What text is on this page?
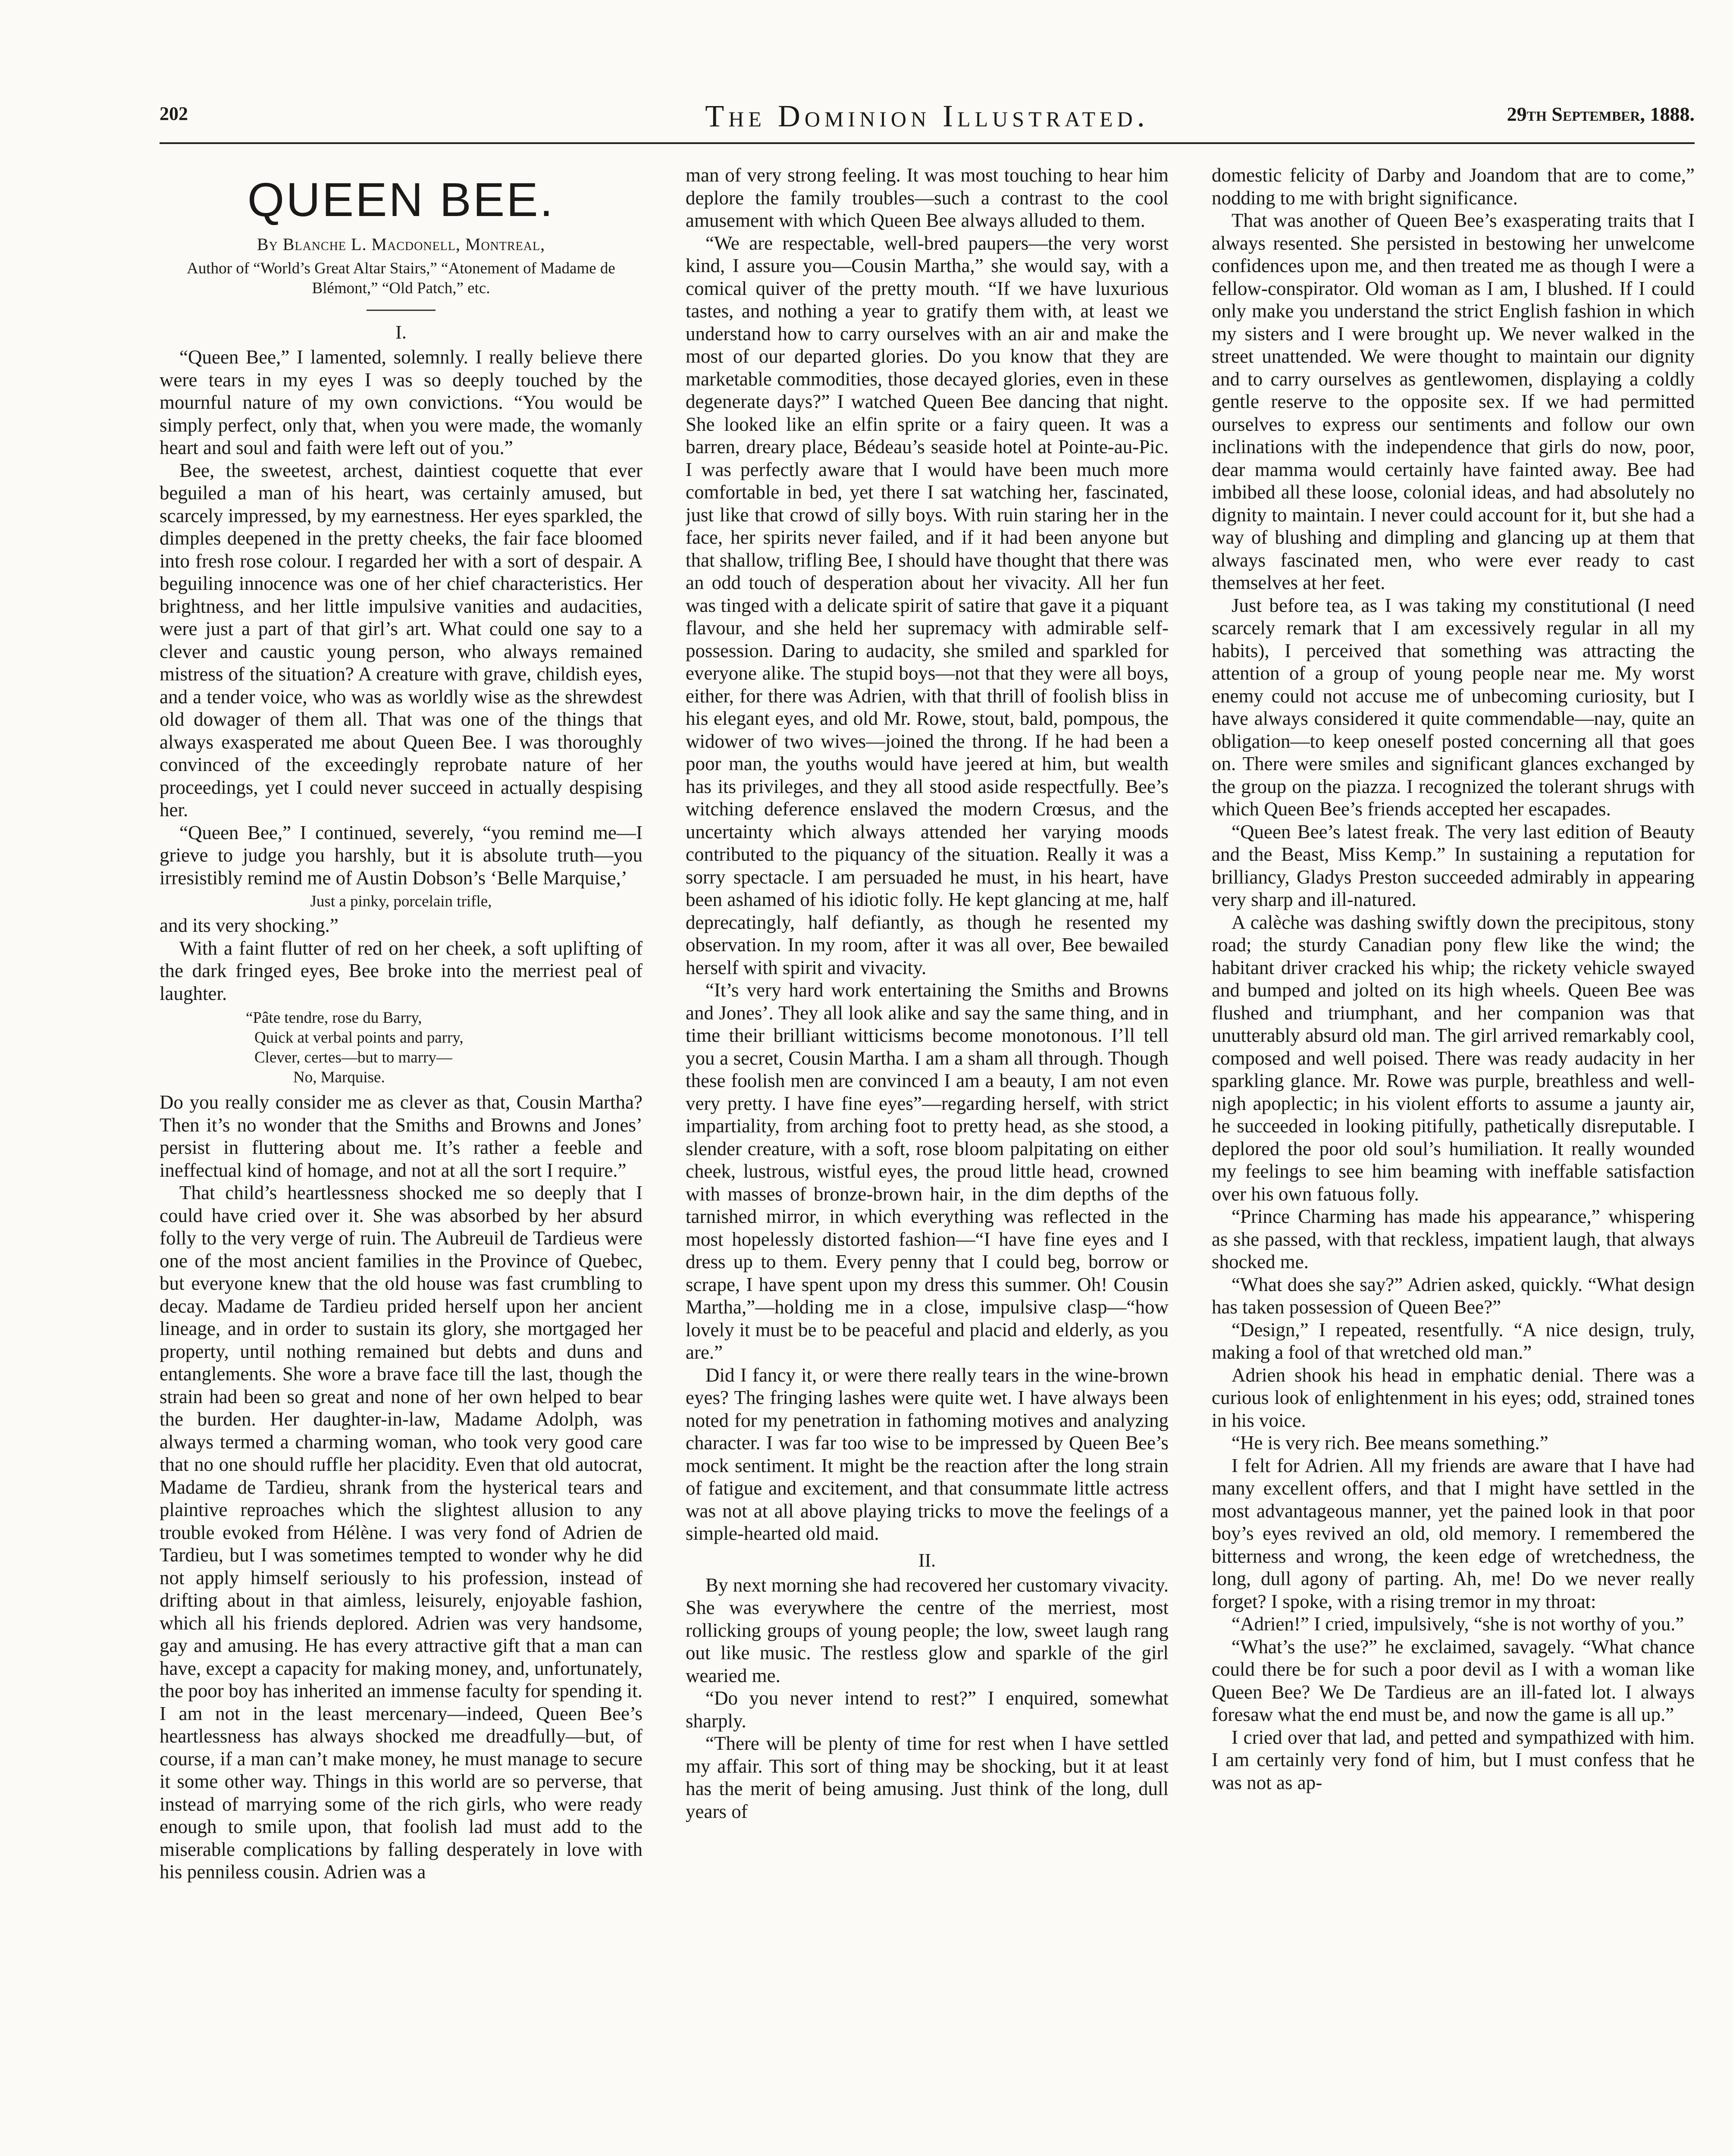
202	The Dominion Illustrated.	29th September, 1888.
QUEEN BEE.
By Blanche L. Macdonell, Montreal,
Author of “World’s Great Altar Stairs,” “Atonement of Madame de Blémont,” “Old Patch,” etc.
I.

“Queen Bee,” I lamented, solemnly. I really believe there were tears in my eyes I was so deeply touched by the mournful nature of my own convictions. “You would be simply perfect, only that, when you were made, the womanly heart and soul and faith were left out of you.”

Bee, the sweetest, archest, daintiest coquette that ever beguiled a man of his heart, was certainly amused, but scarcely impressed, by my earnestness. Her eyes sparkled, the dimples deepened in the pretty cheeks, the fair face bloomed into fresh rose colour. I regarded her with a sort of despair. A beguiling innocence was one of her chief characteristics. Her brightness, and her little impulsive vanities and audacities, were just a part of that girl’s art. What could one say to a clever and caustic young person, who always remained mistress of the situation? A creature with grave, childish eyes, and a tender voice, who was as worldly wise as the shrewdest old dowager of them all. That was one of the things that always exasperated me about Queen Bee. I was thoroughly convinced of the exceedingly reprobate nature of her proceedings, yet I could never succeed in actually despising her.

“Queen Bee,” I continued, severely, “you remind me—I grieve to judge you harshly, but it is absolute truth—you irresistibly remind me of Austin Dobson’s ‘Belle Marquise,’

Just a pinky, porcelain trifle,

and its very shocking.”

With a faint flutter of red on her cheek, a soft uplifting of the dark fringed eyes, Bee broke into the merriest peal of laughter.

“Pâte tendre, rose du Barry,
Quick at verbal points and parry,
Clever, certes—but to marry—
No, Marquise.

Do you really consider me as clever as that, Cousin Martha? Then it’s no wonder that the Smiths and Browns and Jones’ persist in fluttering about me. It’s rather a feeble and ineffectual kind of homage, and not at all the sort I require.”

That child’s heartlessness shocked me so deeply that I could have cried over it. She was absorbed by her absurd folly to the very verge of ruin. The Aubreuil de Tardieus were one of the most ancient families in the Province of Quebec, but everyone knew that the old house was fast crumbling to decay. Madame de Tardieu prided herself upon her ancient lineage, and in order to sustain its glory, she mortgaged her property, until nothing remained but debts and duns and entanglements. She wore a brave face till the last, though the strain had been so great and none of her own helped to bear the burden. Her daughter-in-law, Madame Adolph, was always termed a charming woman, who took very good care that no one should ruffle her placidity. Even that old autocrat, Madame de Tardieu, shrank from the hysterical tears and plaintive reproaches which the slightest allusion to any trouble evoked from Hélène. I was very fond of Adrien de Tardieu, but I was sometimes tempted to wonder why he did not apply himself seriously to his profession, instead of drifting about in that aimless, leisurely, enjoyable fashion, which all his friends deplored. Adrien was very handsome, gay and amusing. He has every attractive gift that a man can have, except a capacity for making money, and, unfortunately, the poor boy has inherited an immense faculty for spending it. I am not in the least mercenary—indeed, Queen Bee’s heartlessness has always shocked me dreadfully—but, of course, if a man can’t make money, he must manage to secure it some other way. Things in this world are so perverse, that instead of marrying some of the rich girls, who were ready enough to smile upon, that foolish lad must add to the miserable complications by falling desperately in love with his penniless cousin. Adrien was a

man of very strong feeling. It was most touching to hear him deplore the family troubles—such a contrast to the cool amusement with which Queen Bee always alluded to them.

“We are respectable, well-bred paupers—the very worst kind, I assure you—Cousin Martha,” she would say, with a comical quiver of the pretty mouth. “If we have luxurious tastes, and nothing a year to gratify them with, at least we understand how to carry ourselves with an air and make the most of our departed glories. Do you know that they are marketable commodities, those decayed glories, even in these degenerate days?” I watched Queen Bee dancing that night. She looked like an elfin sprite or a fairy queen. It was a barren, dreary place, Bédeau’s seaside hotel at Pointe-au-Pic. I was perfectly aware that I would have been much more comfortable in bed, yet there I sat watching her, fascinated, just like that crowd of silly boys. With ruin staring her in the face, her spirits never failed, and if it had been anyone but that shallow, trifling Bee, I should have thought that there was an odd touch of desperation about her vivacity. All her fun was tinged with a delicate spirit of satire that gave it a piquant flavour, and she held her supremacy with admirable self-possession. Daring to audacity, she smiled and sparkled for everyone alike. The stupid boys—not that they were all boys, either, for there was Adrien, with that thrill of foolish bliss in his elegant eyes, and old Mr. Rowe, stout, bald, pompous, the widower of two wives—joined the throng. If he had been a poor man, the youths would have jeered at him, but wealth has its privileges, and they all stood aside respectfully. Bee’s witching deference enslaved the modern Crœsus, and the uncertainty which always attended her varying moods contributed to the piquancy of the situation. Really it was a sorry spectacle. I am persuaded he must, in his heart, have been ashamed of his idiotic folly. He kept glancing at me, half deprecatingly, half defiantly, as though he resented my observation. In my room, after it was all over, Bee bewailed herself with spirit and vivacity.

“It’s very hard work entertaining the Smiths and Browns and Jones’. They all look alike and say the same thing, and in time their brilliant witticisms become monotonous. I’ll tell you a secret, Cousin Martha. I am a sham all through. Though these foolish men are convinced I am a beauty, I am not even very pretty. I have fine eyes”—regarding herself, with strict impartiality, from arching foot to pretty head, as she stood, a slender creature, with a soft, rose bloom palpitating on either cheek, lustrous, wistful eyes, the proud little head, crowned with masses of bronze-brown hair, in the dim depths of the tarnished mirror, in which everything was reflected in the most hopelessly distorted fashion—“I have fine eyes and I dress up to them. Every penny that I could beg, borrow or scrape, I have spent upon my dress this summer. Oh! Cousin Martha,”—holding me in a close, impulsive clasp—“how lovely it must be to be peaceful and placid and elderly, as you are.”

Did I fancy it, or were there really tears in the wine-brown eyes? The fringing lashes were quite wet. I have always been noted for my penetration in fathoming motives and analyzing character. I was far too wise to be impressed by Queen Bee’s mock sentiment. It might be the reaction after the long strain of fatigue and excitement, and that consummate little actress was not at all above playing tricks to move the feelings of a simple-hearted old maid.

II.

By next morning she had recovered her customary vivacity. She was everywhere the centre of the merriest, most rollicking groups of young people; the low, sweet laugh rang out like music. The restless glow and sparkle of the girl wearied me.

“Do you never intend to rest?” I enquired, somewhat sharply.

“There will be plenty of time for rest when I have settled my affair. This sort of thing may be shocking, but it at least has the merit of being amusing. Just think of the long, dull years of

domestic felicity of Darby and Joandom that are to come,” nodding to me with bright significance.

That was another of Queen Bee’s exasperating traits that I always resented. She persisted in bestowing her unwelcome confidences upon me, and then treated me as though I were a fellow-conspirator. Old woman as I am, I blushed. If I could only make you understand the strict English fashion in which my sisters and I were brought up. We never walked in the street unattended. We were thought to maintain our dignity and to carry ourselves as gentlewomen, displaying a coldly gentle reserve to the opposite sex. If we had permitted ourselves to express our sentiments and follow our own inclinations with the independence that girls do now, poor, dear mamma would certainly have fainted away. Bee had imbibed all these loose, colonial ideas, and had absolutely no dignity to maintain. I never could account for it, but she had a way of blushing and dimpling and glancing up at them that always fascinated men, who were ever ready to cast themselves at her feet.

Just before tea, as I was taking my constitutional (I need scarcely remark that I am excessively regular in all my habits), I perceived that something was attracting the attention of a group of young people near me. My worst enemy could not accuse me of unbecoming curiosity, but I have always considered it quite commendable—nay, quite an obligation—to keep oneself posted concerning all that goes on. There were smiles and significant glances exchanged by the group on the piazza. I recognized the tolerant shrugs with which Queen Bee’s friends accepted her escapades.

“Queen Bee’s latest freak. The very last edition of Beauty and the Beast, Miss Kemp.” In sustaining a reputation for brilliancy, Gladys Preston succeeded admirably in appearing very sharp and ill-natured.

A calèche was dashing swiftly down the precipitous, stony road; the sturdy Canadian pony flew like the wind; the habitant driver cracked his whip; the rickety vehicle swayed and bumped and jolted on its high wheels. Queen Bee was flushed and triumphant, and her companion was that unutterably absurd old man. The girl arrived remarkably cool, composed and well poised. There was ready audacity in her sparkling glance. Mr. Rowe was purple, breathless and well-nigh apoplectic; in his violent efforts to assume a jaunty air, he succeeded in looking pitifully, pathetically disreputable. I deplored the poor old soul’s humiliation. It really wounded my feelings to see him beaming with ineffable satisfaction over his own fatuous folly.

“Prince Charming has made his appearance,” whispering as she passed, with that reckless, impatient laugh, that always shocked me.

“What does she say?” Adrien asked, quickly. “What design has taken possession of Queen Bee?”

“Design,” I repeated, resentfully. “A nice design, truly, making a fool of that wretched old man.”

Adrien shook his head in emphatic denial. There was a curious look of enlightenment in his eyes; odd, strained tones in his voice.

“He is very rich. Bee means something.”

I felt for Adrien. All my friends are aware that I have had many excellent offers, and that I might have settled in the most advantageous manner, yet the pained look in that poor boy’s eyes revived an old, old memory. I remembered the bitterness and wrong, the keen edge of wretchedness, the long, dull agony of parting. Ah, me! Do we never really forget? I spoke, with a rising tremor in my throat:

“Adrien!” I cried, impulsively, “she is not worthy of you.”

“What’s the use?” he exclaimed, savagely. “What chance could there be for such a poor devil as I with a woman like Queen Bee? We De Tardieus are an ill-fated lot. I always foresaw what the end must be, and now the game is all up.”

I cried over that lad, and petted and sympathized with him. I am certainly very fond of him, but I must confess that he was not as ap-
